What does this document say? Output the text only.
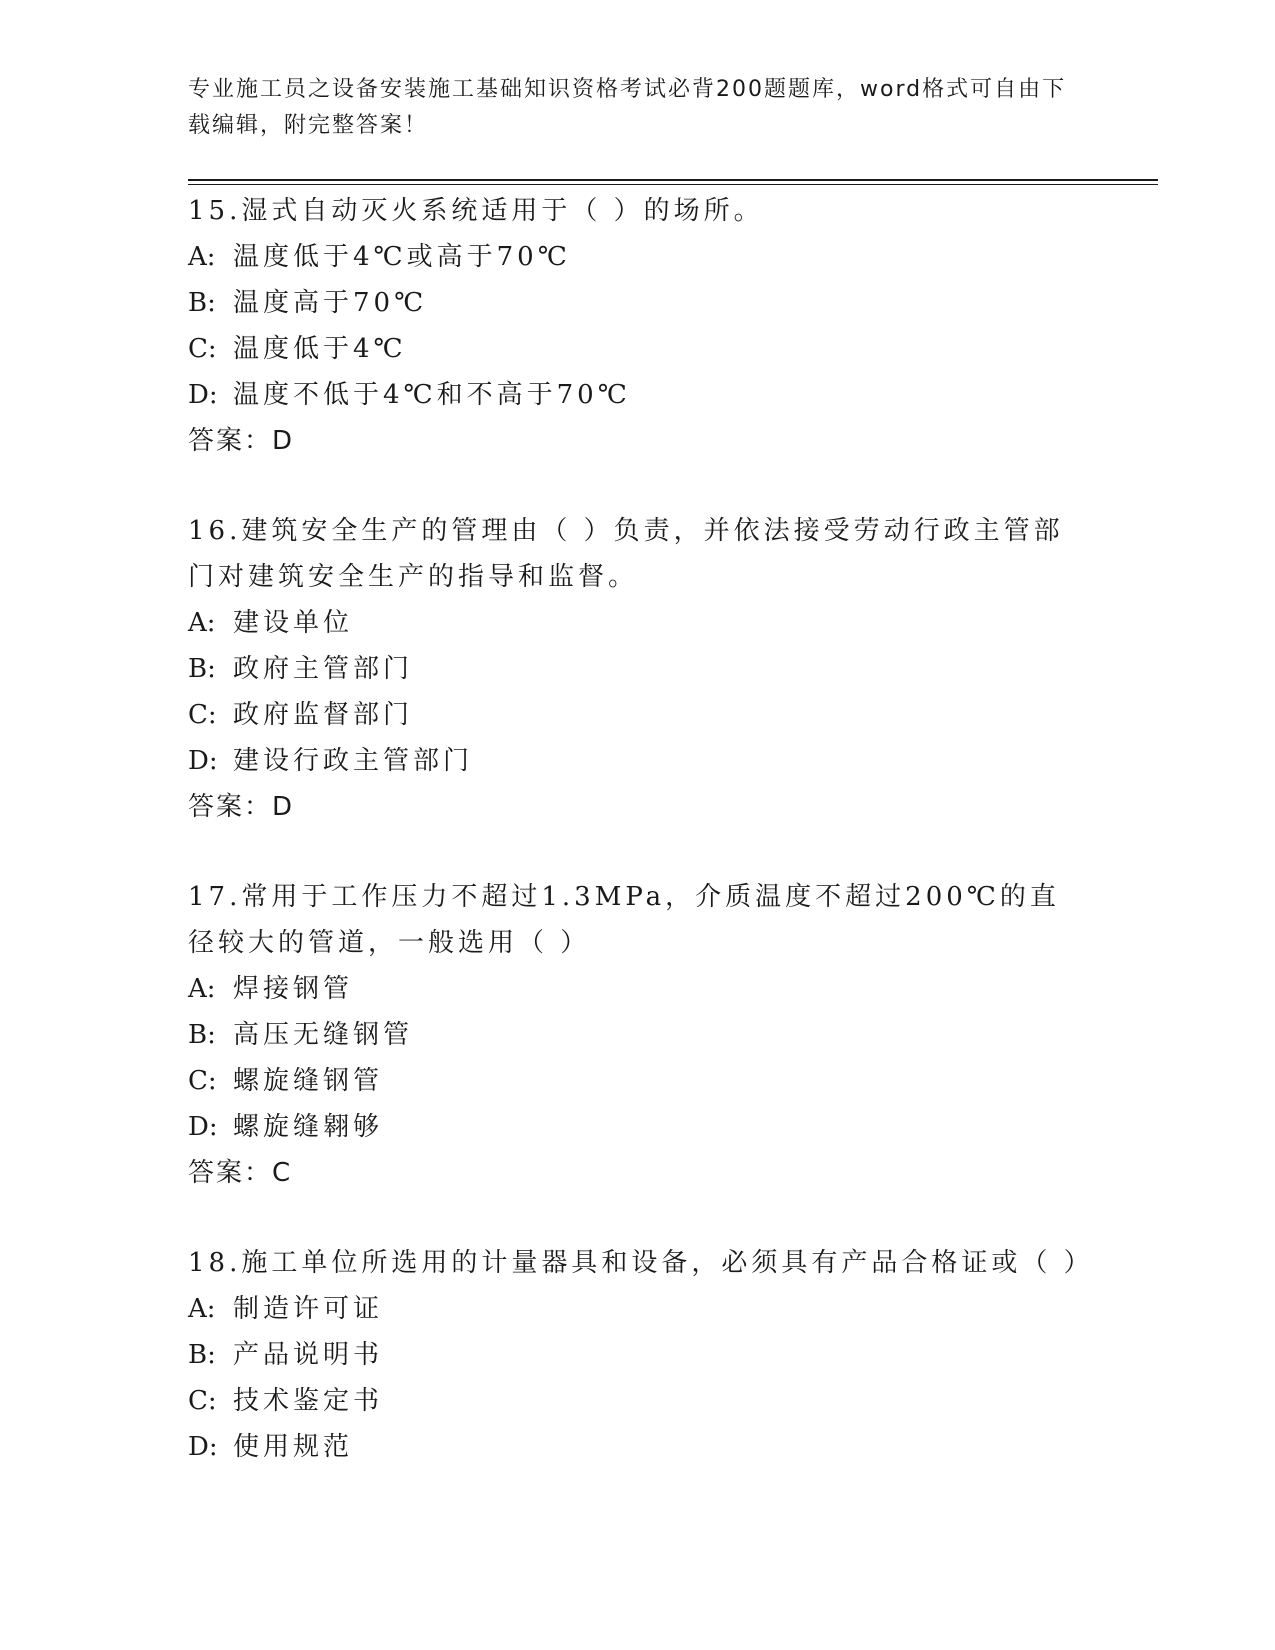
专业施工员之设备安装施工基础知识资格考试必背200题题库，word格式可自由下载编辑，附完整答案！
15.湿式自动灭火系统适用于（ ）的场所。
A: 温度低于4℃或高于70℃
B: 温度高于70℃
C: 温度低于4℃
D: 温度不低于4℃和不高于70℃
答案：D
16.建筑安全生产的管理由（ ）负责，并依法接受劳动行政主管部门对建筑安全生产的指导和监督。
A: 建设单位
B: 政府主管部门
C: 政府监督部门
D: 建设行政主管部门
答案：D
17.常用于工作压力不超过1.3MPa，介质温度不超过200℃的直径较大的管道，一般选用（ ）
A: 焊接钢管
B: 高压无缝钢管
C: 螺旋缝钢管
D: 螺旋缝翱够
答案：C
18.施工单位所选用的计量器具和设备，必须具有产品合格证或（ ）
A: 制造许可证
B: 产品说明书
C: 技术鉴定书
D: 使用规范
